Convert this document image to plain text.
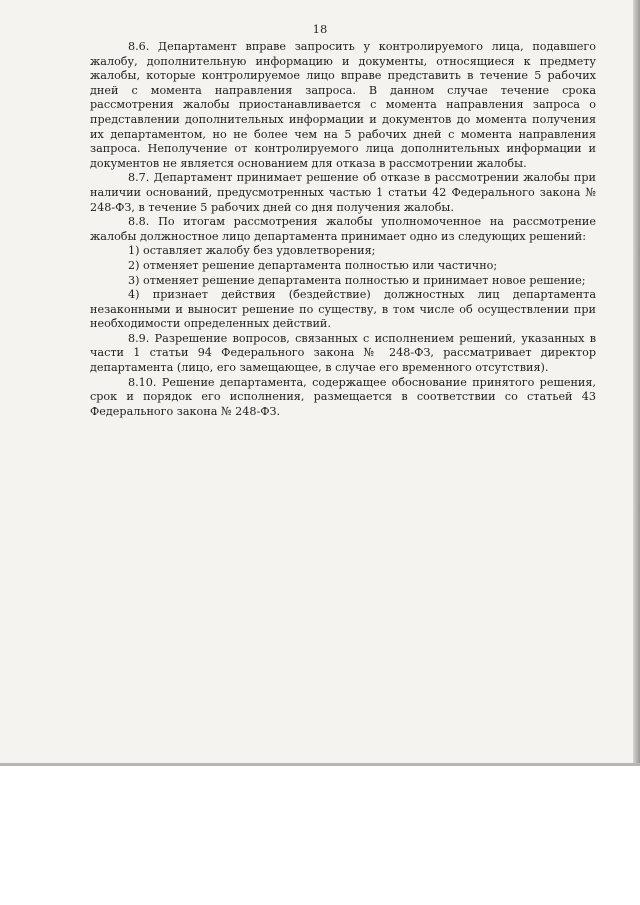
18

8.6. Департамент вправе запросить у контролируемого лица, подавшего жалобу, дополнительную информацию и документы, относящиеся к предмету жалобы, которые контролируемое лицо вправе представить в течение 5 рабочих дней с момента направления запроса. В данном случае течение срока рассмотрения жалобы приостанавливается с момента направления запроса о представлении дополнительных информации и документов до момента получения их департаментом, но не более чем на 5 рабочих дней с момента направления запроса. Неполучение от контролируемого лица дополнительных информации и документов не является основанием для отказа в рассмотрении жалобы.

8.7. Департамент принимает решение об отказе в рассмотрении жалобы при наличии оснований, предусмотренных частью 1 статьи 42 Федерального закона № 248-ФЗ, в течение 5 рабочих дней со дня получения жалобы.

8.8. По итогам рассмотрения жалобы уполномоченное на рассмотрение жалобы должностное лицо департамента принимает одно из следующих решений:

1) оставляет жалобу без удовлетворения;

2) отменяет решение департамента полностью или частично;

3) отменяет решение департамента полностью и принимает новое решение;

4) признает действия (бездействие) должностных лиц департамента незаконными и выносит решение по существу, в том числе об осуществлении при необходимости определенных действий.

8.9. Разрешение вопросов, связанных с исполнением решений, указанных в части 1 статьи 94 Федерального закона № 248-ФЗ, рассматривает директор департамента (лицо, его замещающее, в случае его временного отсутствия).

8.10. Решение департамента, содержащее обоснование принятого решения, срок и порядок его исполнения, размещается в соответствии со статьей 43 Федерального закона № 248-ФЗ.
